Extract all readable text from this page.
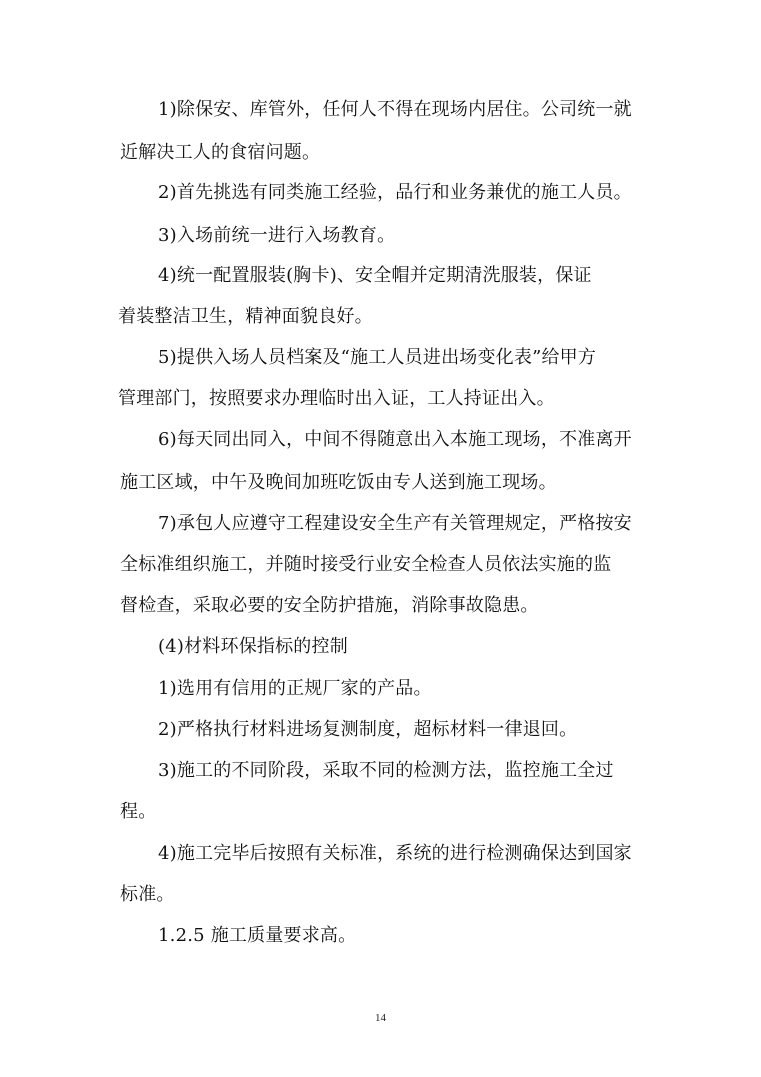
1)除保安、库管外，任何人不得在现场内居住。公司统一就
近解决工人的食宿问题。
2)首先挑选有同类施工经验，品行和业务兼优的施工人员。
3)入场前统一进行入场教育。
4)统一配置服装(胸卡)、安全帽并定期清洗服装，保证
着装整洁卫生，精神面貌良好。
5)提供入场人员档案及“施工人员进出场变化表”给甲方
管理部门，按照要求办理临时出入证，工人持证出入。
6)每天同出同入，中间不得随意出入本施工现场，不准离开
施工区域，中午及晚间加班吃饭由专人送到施工现场。
7)承包人应遵守工程建设安全生产有关管理规定，严格按安
全标准组织施工，并随时接受行业安全检查人员依法实施的监
督检查，采取必要的安全防护措施，消除事故隐患。
(4)材料环保指标的控制
1)选用有信用的正规厂家的产品。
2)严格执行材料进场复测制度，超标材料一律退回。
3)施工的不同阶段，采取不同的检测方法，监控施工全过
程。
4)施工完毕后按照有关标准，系统的进行检测确保达到国家
标准。
1.2.5 施工质量要求高。
14
